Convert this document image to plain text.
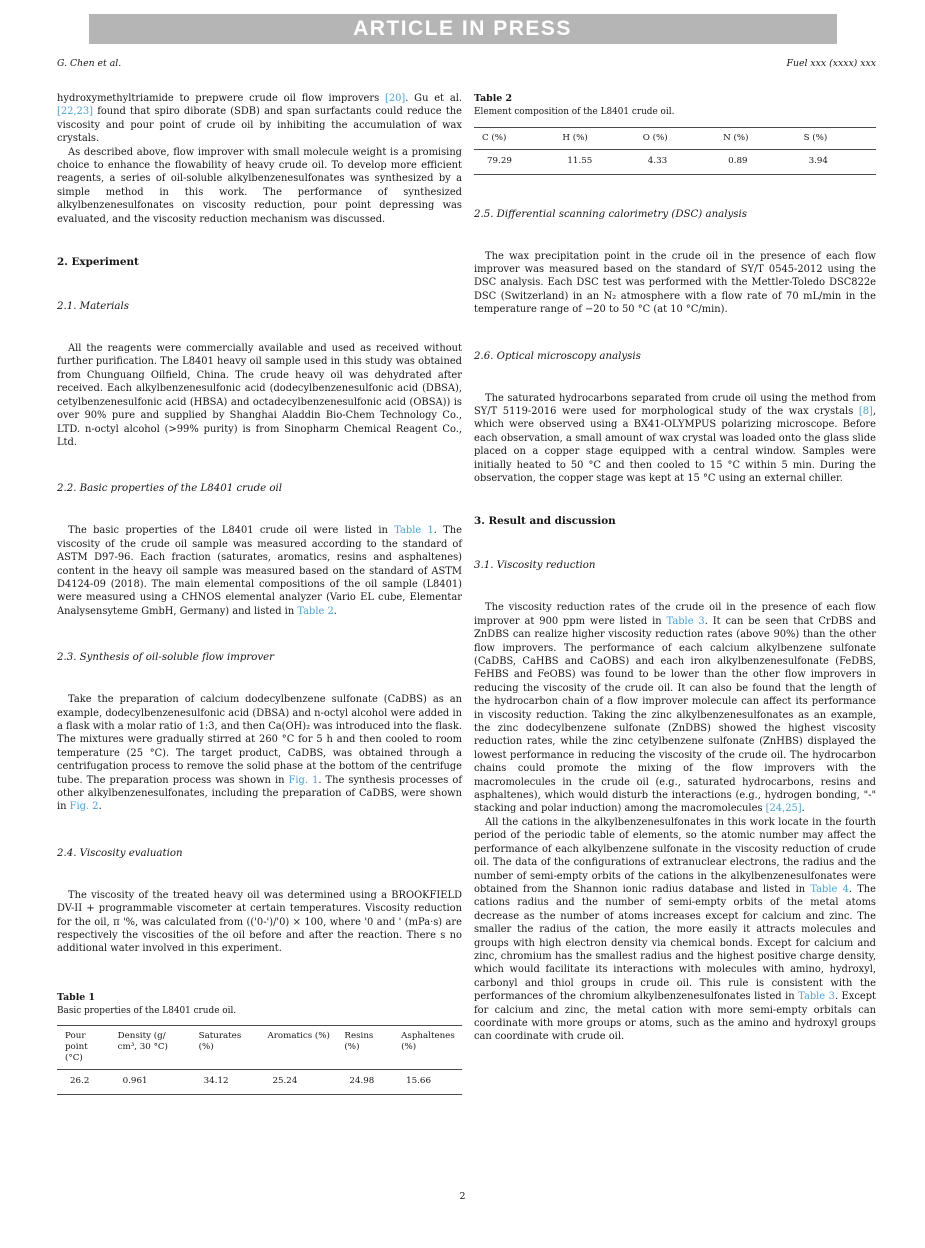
ARTICLE IN PRESS
G. Chen et al.	Fuel xxx (xxxx) xxx

hydroxymethyltriamide to prepwere crude oil flow improvers [20]. Gu et al. [22,23] found that spiro diborate (SDB) and span surfactants could reduce the viscosity and pour point of crude oil by inhibiting the accumulation of wax crystals.

As described above, flow improver with small molecule weight is a promising choice to enhance the flowability of heavy crude oil. To develop more efficient reagents, a series of oil-soluble alkylbenzenesulfonates was synthesized by a simple method in this work. The performance of synthesized alkylbenzenesulfonates on viscosity reduction, pour point depressing was evaluated, and the viscosity reduction mechanism was discussed.

2. Experiment
2.1. Materials

All the reagents were commercially available and used as received without further purification. The L8401 heavy oil sample used in this study was obtained from Chunguang Oilfield, China. The crude heavy oil was dehydrated after received. Each alkylbenzenesulfonic acid (dodecylbenzenesulfonic acid (DBSA), cetylbenzenesulfonic acid (HBSA) and octadecylbenzenesulfonic acid (OBSA)) is over 90% pure and supplied by Shanghai Aladdin Bio-Chem Technology Co., LTD. n-octyl alcohol (>99% purity) is from Sinopharm Chemical Reagent Co., Ltd.

2.2. Basic properties of the L8401 crude oil

The basic properties of the L8401 crude oil were listed in Table 1. The viscosity of the crude oil sample was measured according to the standard of ASTM D97-96. Each fraction (saturates, aromatics, resins and asphaltenes) content in the heavy oil sample was measured based on the standard of ASTM D4124-09 (2018). The main elemental compositions of the oil sample (L8401) were measured using a CHNOS elemental analyzer (Vario EL cube, Elementar Analysensyteme GmbH, Germany) and listed in Table 2.

2.3. Synthesis of oil-soluble flow improver

Take the preparation of calcium dodecylbenzene sulfonate (CaDBS) as an example, dodecylbenzenesulfonic acid (DBSA) and n-octyl alcohol were added in a flask with a molar ratio of 1:3, and then Ca(OH)₂ was introduced into the flask. The mixtures were gradually stirred at 260 °C for 5 h and then cooled to room temperature (25 °C). The target product, CaDBS, was obtained through a centrifugation process to remove the solid phase at the bottom of the centrifuge tube. The preparation process was shown in Fig. 1. The synthesis processes of other alkylbenzenesulfonates, including the preparation of CaDBS, were shown in Fig. 2.

2.4. Viscosity evaluation

The viscosity of the treated heavy oil was determined using a BROOKFIELD DV-II + programmable viscometer at certain temperatures. Viscosity reduction for the oil, π '%, was calculated from (('0-')/'0) × 100, where '0 and ' (mPa·s) are respectively the viscosities of the oil before and after the reaction. There s no additional water involved in this experiment.

Table 1
Basic properties of the L8401 crude oil.
Pour point (°C)	Density (g/ cm³, 30 °C)	Saturates (%)	Aromatics (%)	Resins (%)	Asphaltenes (%)
26.2	0.961	34.12	25.24	24.98	15.66
Table 2
Element composition of the L8401 crude oil.
C (%)	H (%)	O (%)	N (%)	S (%)
79.29	11.55	4.33	0.89	3.94
2.5. Differential scanning calorimetry (DSC) analysis

The wax precipitation point in the crude oil in the presence of each flow improver was measured based on the standard of SY/T 0545-2012 using the DSC analysis. Each DSC test was performed with the Mettler-Toledo DSC822e DSC (Switzerland) in an N₂ atmosphere with a flow rate of 70 mL/min in the temperature range of −20 to 50 °C (at 10 °C/min).

2.6. Optical microscopy analysis

The saturated hydrocarbons separated from crude oil using the method from SY/T 5119-2016 were used for morphological study of the wax crystals [8], which were observed using a BX41-OLYMPUS polarizing microscope. Before each observation, a small amount of wax crystal was loaded onto the glass slide placed on a copper stage equipped with a central window. Samples were initially heated to 50 °C and then cooled to 15 °C within 5 min. During the observation, the copper stage was kept at 15 °C using an external chiller.

3. Result and discussion
3.1. Viscosity reduction

The viscosity reduction rates of the crude oil in the presence of each flow improver at 900 ppm were listed in Table 3. It can be seen that CrDBS and ZnDBS can realize higher viscosity reduction rates (above 90%) than the other flow improvers. The performance of each calcium alkylbenzene sulfonate (CaDBS, CaHBS and CaOBS) and each iron alkylbenzenesulfonate (FeDBS, FeHBS and FeOBS) was found to be lower than the other flow improvers in reducing the viscosity of the crude oil. It can also be found that the length of the hydrocarbon chain of a flow improver molecule can affect its performance in viscosity reduction. Taking the zinc alkylbenzenesulfonates as an example, the zinc dodecylbenzene sulfonate (ZnDBS) showed the highest viscosity reduction rates, while the zinc cetylbenzene sulfonate (ZnHBS) displayed the lowest performance in reducing the viscosity of the crude oil. The hydrocarbon chains could promote the mixing of the flow improvers with the macromolecules in the crude oil (e.g., saturated hydrocarbons, resins and asphaltenes), which would disturb the interactions (e.g., hydrogen bonding, "-" stacking and polar induction) among the macromolecules [24,25].

All the cations in the alkylbenzenesulfonates in this work locate in the fourth period of the periodic table of elements, so the atomic number may affect the performance of each alkylbenzene sulfonate in the viscosity reduction of crude oil. The data of the configurations of extranuclear electrons, the radius and the number of semi-empty orbits of the cations in the alkylbenzenesulfonates were obtained from the Shannon ionic radius database and listed in Table 4. The cations radius and the number of semi-empty orbits of the metal atoms decrease as the number of atoms increases except for calcium and zinc. The smaller the radius of the cation, the more easily it attracts molecules and groups with high electron density via chemical bonds. Except for calcium and zinc, chromium has the smallest radius and the highest positive charge density, which would facilitate its interactions with molecules with amino, hydroxyl, carbonyl and thiol groups in crude oil. This rule is consistent with the performances of the chromium alkylbenzenesulfonates listed in Table 3. Except for calcium and zinc, the metal cation with more semi-empty orbitals can coordinate with more groups or atoms, such as the amino and hydroxyl groups can coordinate with crude oil.

2
